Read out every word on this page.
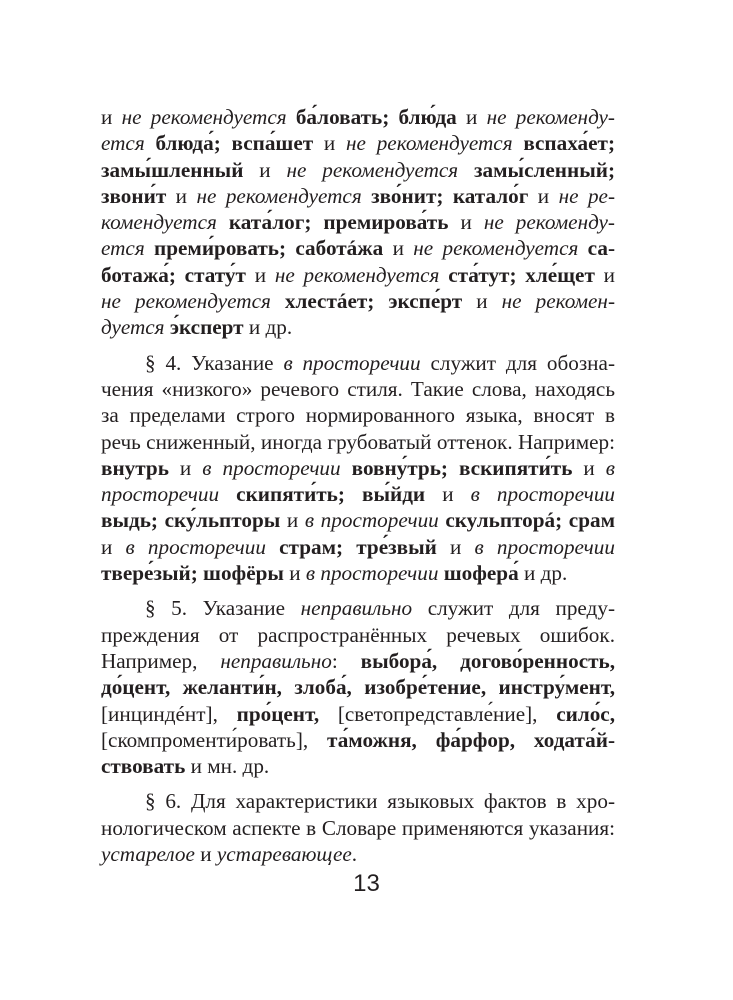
и не рекомендуется ба́ловать; блю́да и не рекомендуется блюда́; вспа́шет и не рекомендуется вспаха́ет; замы́шленный и не рекомендуется замы́сленный; звони́т и не рекомендуется зво́нит; катало́г и не рекомендуется ката́лог; премирова́ть и не рекомендуется преми́ровать; саботáжа и не рекомендуется саботажа́; стату́т и не рекомендуется ста́тут; хле́щет и не рекомендуется хлестáет; экспе́рт и не рекомендуется э́ксперт и др.

§ 4. Указание в просторечии служит для обозначения «низкого» речевого стиля. Такие слова, находясь за пределами строго нормированного языка, вносят в речь сниженный, иногда грубоватый оттенок. Например: внутрь и в просторечии вовну́трь; вскипяти́ть и в просторечии скипяти́ть; вы́йди и в просторечии выдь; ску́льпторы и в просторечии скульпторá; срам и в просторечии страм; тре́звый и в просторечии твере́зый; шофёры и в просторечии шофера́ и др.

§ 5. Указание неправильно служит для предупреждения от распространённых речевых ошибок. Например, неправильно: выбора́, догово́ренность, до́цент, желанти́н, злоба́, изобре́тение, инстру́мент, [инциндéнт], про́цент, [светопредставле́ние], сило́с, [скомпроменти́ровать], та́можня, фа́рфор, ходата́йствовать и мн. др.

§ 6. Для характеристики языковых фактов в хронологическом аспекте в Словаре применяются указания: устарелое и устаревающее.

13
